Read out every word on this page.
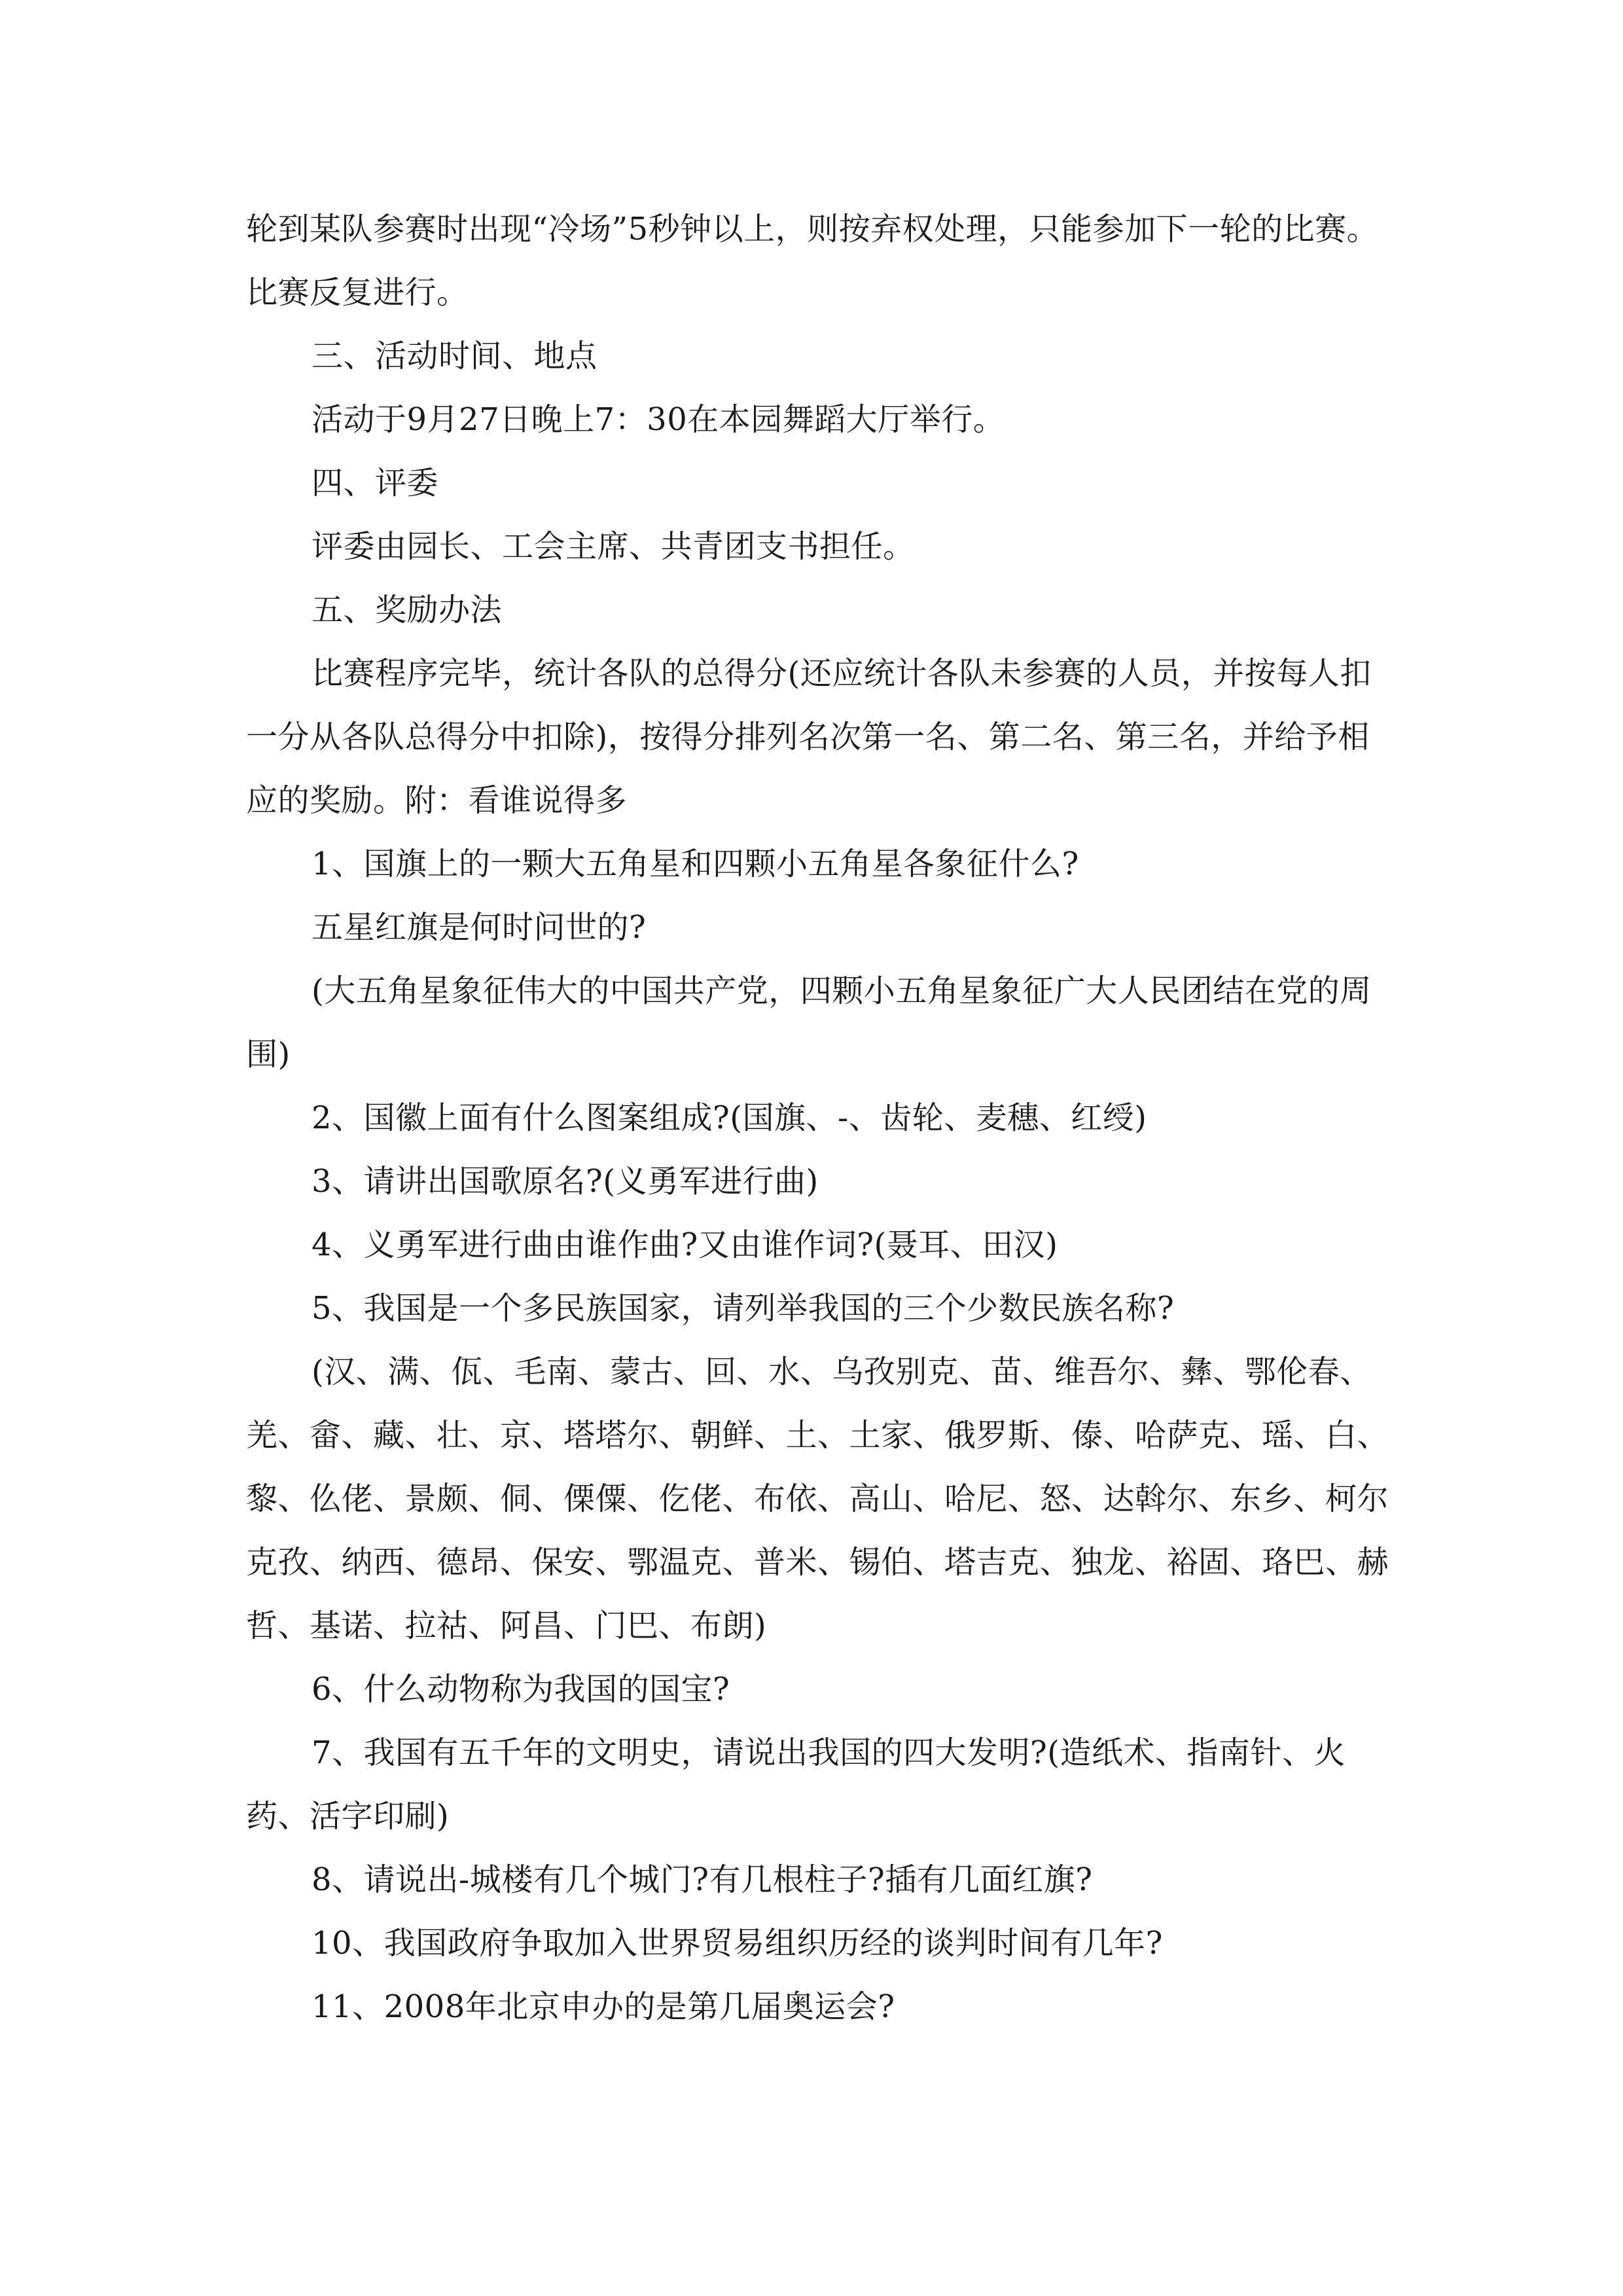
轮到某队参赛时出现“冷场”5秒钟以上，则按弃权处理，只能参加下一轮的比赛。比赛反复进行。

三、活动时间、地点

活动于9月27日晚上7：30在本园舞蹈大厅举行。

四、评委

评委由园长、工会主席、共青团支书担任。

五、奖励办法

比赛程序完毕，统计各队的总得分(还应统计各队未参赛的人员，并按每人扣一分从各队总得分中扣除)，按得分排列名次第一名、第二名、第三名，并给予相应的奖励。附：看谁说得多

1、国旗上的一颗大五角星和四颗小五角星各象征什么?

五星红旗是何时问世的?

(大五角星象征伟大的中国共产党，四颗小五角星象征广大人民团结在党的周围)

2、国徽上面有什么图案组成?(国旗、-、齿轮、麦穗、红绶)

3、请讲出国歌原名?(义勇军进行曲)

4、义勇军进行曲由谁作曲?又由谁作词?(聂耳、田汉)

5、我国是一个多民族国家，请列举我国的三个少数民族名称?

(汉、满、佤、毛南、蒙古、回、水、乌孜别克、苗、维吾尔、彝、鄂伦春、羌、畲、藏、壮、京、塔塔尔、朝鲜、土、土家、俄罗斯、傣、哈萨克、瑶、白、黎、仫佬、景颇、侗、傈僳、仡佬、布依、高山、哈尼、怒、达斡尔、东乡、柯尔克孜、纳西、德昂、保安、鄂温克、普米、锡伯、塔吉克、独龙、裕固、珞巴、赫哲、基诺、拉祜、阿昌、门巴、布朗)

6、什么动物称为我国的国宝?

7、我国有五千年的文明史，请说出我国的四大发明?(造纸术、指南针、火药、活字印刷)

8、请说出-城楼有几个城门?有几根柱子?插有几面红旗?

10、我国政府争取加入世界贸易组织历经的谈判时间有几年?

11、2008年北京申办的是第几届奥运会?
